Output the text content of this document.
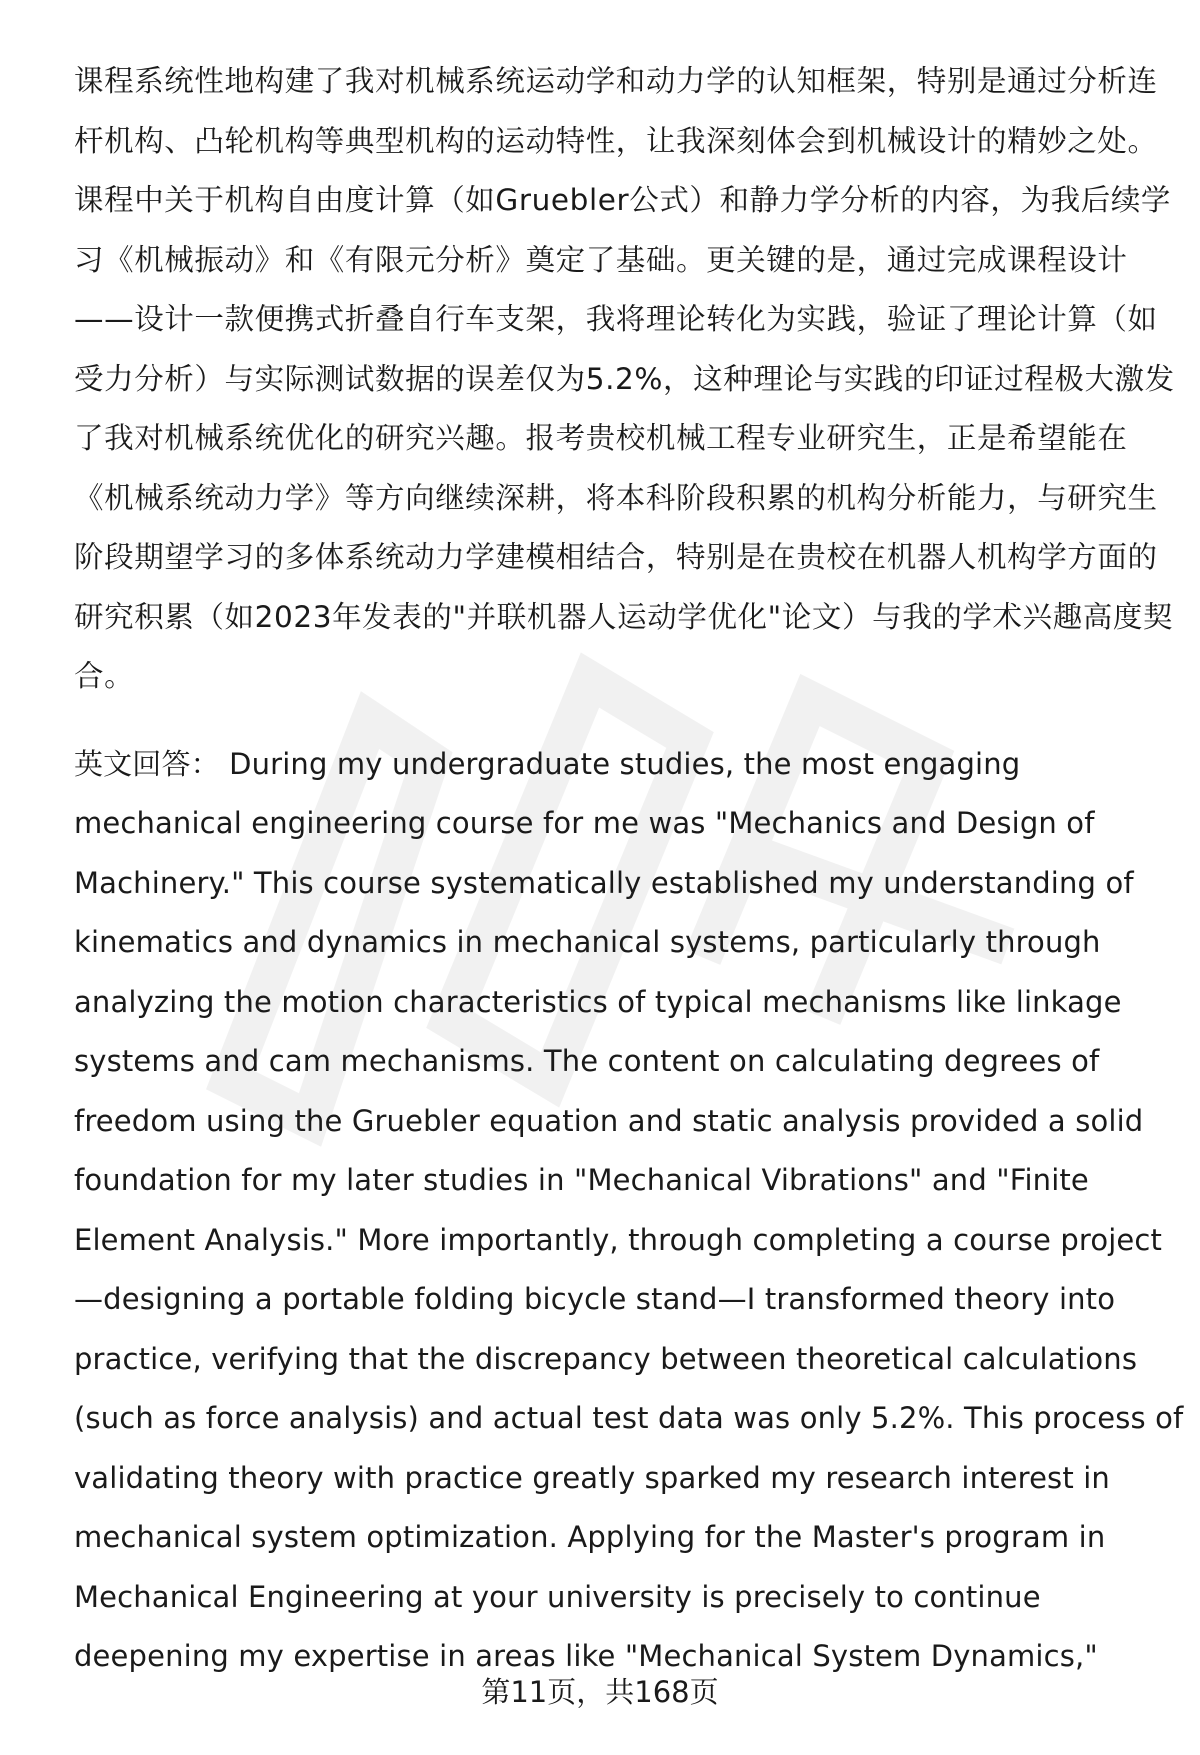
课程系统性地构建了我对机械系统运动学和动力学的认知框架，特别是通过分析连
杆机构、凸轮机构等典型机构的运动特性，让我深刻体会到机械设计的精妙之处。
课程中关于机构自由度计算（如Gruebler公式）和静力学分析的内容，为我后续学
习《机械振动》和《有限元分析》奠定了基础。更关键的是，通过完成课程设计
——设计一款便携式折叠自行车支架，我将理论转化为实践，验证了理论计算（如
受力分析）与实际测试数据的误差仅为5.2%，这种理论与实践的印证过程极大激发
了我对机械系统优化的研究兴趣。报考贵校机械工程专业研究生，正是希望能在
《机械系统动力学》等方向继续深耕，将本科阶段积累的机构分析能力，与研究生
阶段期望学习的多体系统动力学建模相结合，特别是在贵校在机器人机构学方面的
研究积累（如2023年发表的"并联机器人运动学优化"论文）与我的学术兴趣高度契
合。
英文回答： During my undergraduate studies, the most engaging
mechanical engineering course for me was "Mechanics and Design of
Machinery." This course systematically established my understanding of
kinematics and dynamics in mechanical systems, particularly through
analyzing the motion characteristics of typical mechanisms like linkage
systems and cam mechanisms. The content on calculating degrees of
freedom using the Gruebler equation and static analysis provided a solid
foundation for my later studies in "Mechanical Vibrations" and "Finite
Element Analysis." More importantly, through completing a course project
—designing a portable folding bicycle stand—I transformed theory into
practice, verifying that the discrepancy between theoretical calculations
(such as force analysis) and actual test data was only 5.2%. This process of
validating theory with practice greatly sparked my research interest in
mechanical system optimization. Applying for the Master's program in
Mechanical Engineering at your university is precisely to continue
deepening my expertise in areas like "Mechanical System Dynamics,"
第11页，共168页
